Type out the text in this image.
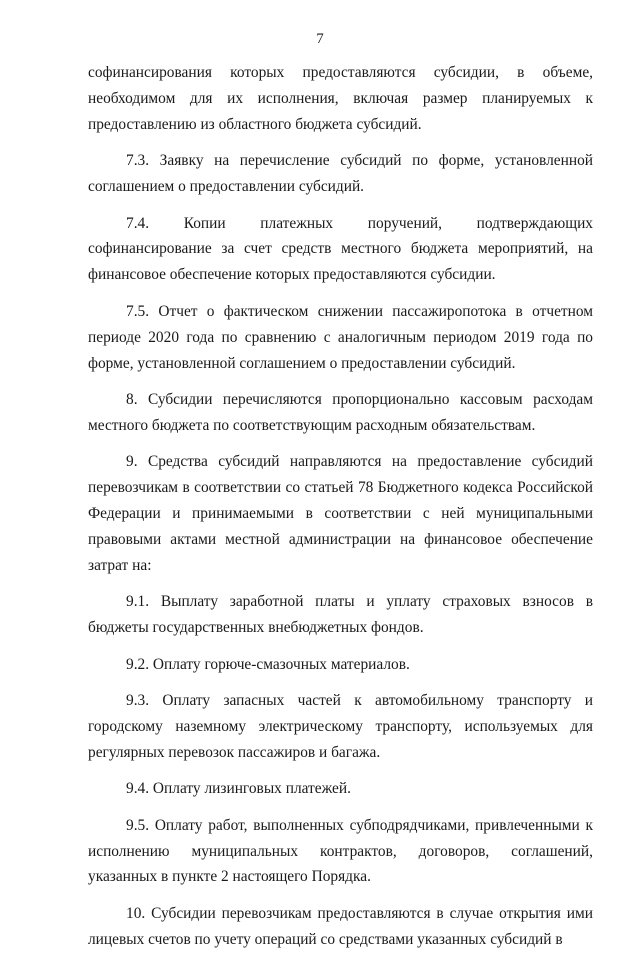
7

софинансирования которых предоставляются субсидии, в объеме, необходимом для их исполнения, включая размер планируемых к предоставлению из областного бюджета субсидий.

7.3. Заявку на перечисление субсидий по форме, установленной соглашением о предоставлении субсидий.

7.4. Копии платежных поручений, подтверждающих софинансирование за счет средств местного бюджета мероприятий, на финансовое обеспечение которых предоставляются субсидии.

7.5. Отчет о фактическом снижении пассажиропотока в отчетном периоде 2020 года по сравнению с аналогичным периодом 2019 года по форме, установленной соглашением о предоставлении субсидий.

8. Субсидии перечисляются пропорционально кассовым расходам местного бюджета по соответствующим расходным обязательствам.

9. Средства субсидий направляются на предоставление субсидий перевозчикам в соответствии со статьей 78 Бюджетного кодекса Российской Федерации и принимаемыми в соответствии с ней муниципальными правовыми актами местной администрации на финансовое обеспечение затрат на:

9.1. Выплату заработной платы и уплату страховых взносов в бюджеты государственных внебюджетных фондов.

9.2. Оплату горюче-смазочных материалов.

9.3. Оплату запасных частей к автомобильному транспорту и городскому наземному электрическому транспорту, используемых для регулярных перевозок пассажиров и багажа.

9.4. Оплату лизинговых платежей.

9.5. Оплату работ, выполненных субподрядчиками, привлеченными к исполнению муниципальных контрактов, договоров, соглашений, указанных в пункте 2 настоящего Порядка.

10. Субсидии перевозчикам предоставляются в случае открытия ими лицевых счетов по учету операций со средствами указанных субсидий в
